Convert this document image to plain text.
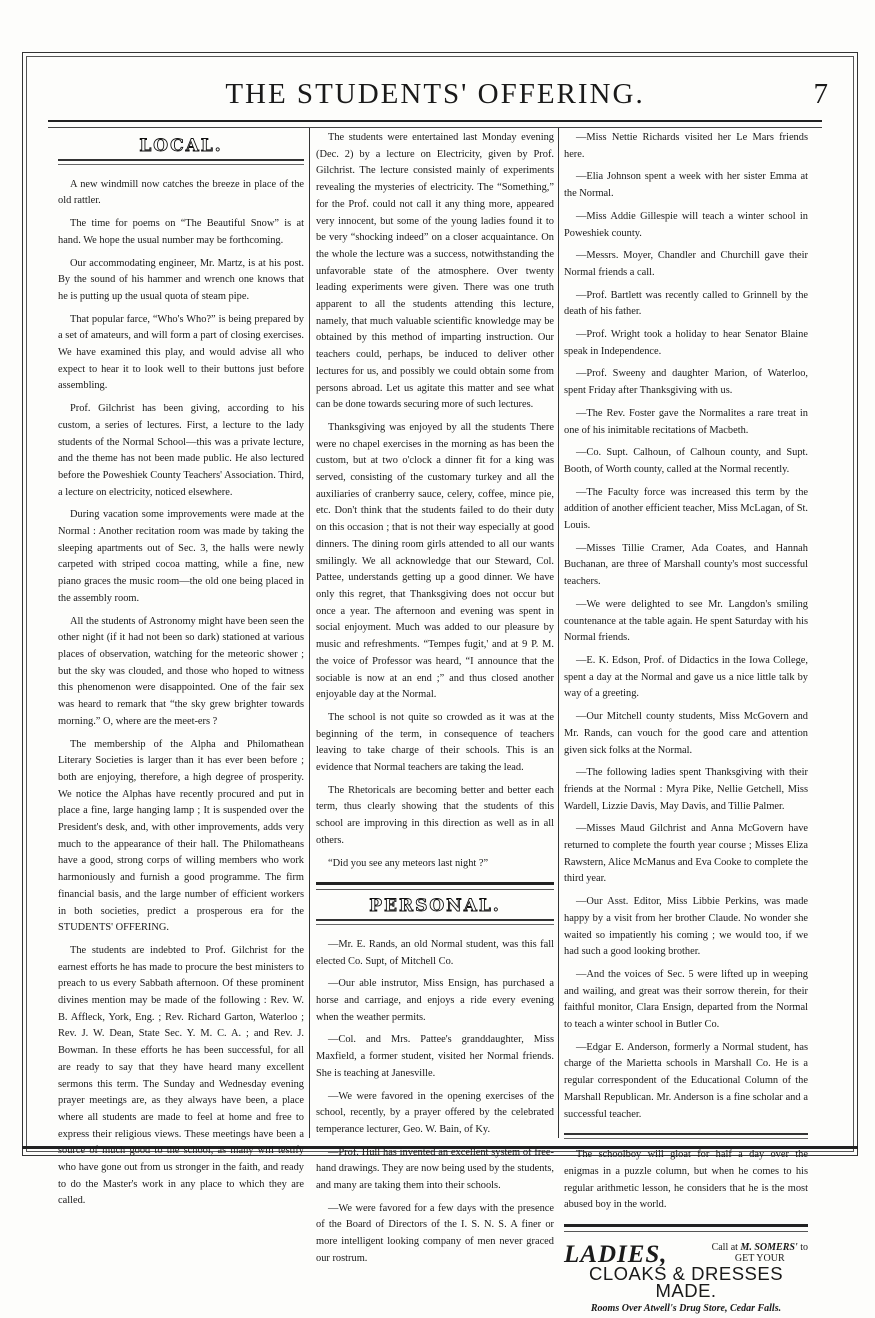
THE STUDENTS' OFFERING.	7
LOCAL.

A new windmill now catches the breeze in place of the old rattler.

The time for poems on “The Beautiful Snow” is at hand. We hope the usual number may be forthcoming.

Our accommodating engineer, Mr. Martz, is at his post. By the sound of his hammer and wrench one knows that he is putting up the usual quota of steam pipe.

That popular farce, “Who's Who?” is being prepared by a set of amateurs, and will form a part of closing exercises. We have examined this play, and would advise all who expect to hear it to look well to their buttons just before assembling.

Prof. Gilchrist has been giving, according to his custom, a series of lectures. First, a lecture to the lady students of the Normal School—this was a private lecture, and the theme has not been made public. He also lectured before the Poweshiek County Teachers' Association. Third, a lecture on electricity, noticed elsewhere.

During vacation some improvements were made at the Normal : Another recitation room was made by taking the sleeping apartments out of Sec. 3, the halls were newly carpeted with striped cocoa matting, while a fine, new piano graces the music room—the old one being placed in the assembly room.

All the students of Astronomy might have been seen the other night (if it had not been so dark) stationed at various places of observation, watching for the meteoric shower ; but the sky was clouded, and those who hoped to witness this phenomenon were disappointed. One of the fair sex was heard to remark that “the sky grew brighter towards morning.” O, where are the meet-ers ?

The membership of the Alpha and Philomathean Literary Societies is larger than it has ever been before ; both are enjoying, therefore, a high degree of prosperity. We notice the Alphas have recently procured and put in place a fine, large hanging lamp ; It is suspended over the President's desk, and, with other improvements, adds very much to the appearance of their hall. The Philomatheans have a good, strong corps of willing members who work harmoniously and furnish a good programme. The firm financial basis, and the large number of efficient workers in both societies, predict a prosperous era for the STUDENTS' OFFERING.

The students are indebted to Prof. Gilchrist for the earnest efforts he has made to procure the best ministers to preach to us every Sabbath afternoon. Of these prominent divines mention may be made of the following : Rev. W. B. Affleck, York, Eng. ; Rev. Richard Garton, Waterloo ; Rev. J. W. Dean, State Sec. Y. M. C. A. ; and Rev. J. Bowman. In these efforts he has been successful, for all are ready to say that they have heard many excellent sermons this term. The Sunday and Wednesday evening prayer meetings are, as they always have been, a place where all students are made to feel at home and free to express their religious views. These meetings have been a source of much good to the school, as many will testify who have gone out from us stronger in the faith, and ready to do the Master's work in any place to which they are called.

The students were entertained last Monday evening (Dec. 2) by a lecture on Electricity, given by Prof. Gilchrist. The lecture consisted mainly of experiments revealing the mysteries of electricity. The “Something,” for the Prof. could not call it any thing more, appeared very innocent, but some of the young ladies found it to be very “shocking indeed” on a closer acquaintance. On the whole the lecture was a success, notwithstanding the unfavorable state of the atmosphere. Over twenty leading experiments were given. There was one truth apparent to all the students attending this lecture, namely, that much valuable scientific knowledge may be obtained by this method of imparting instruction. Our teachers could, perhaps, be induced to deliver other lectures for us, and possibly we could obtain some from persons abroad. Let us agitate this matter and see what can be done towards securing more of such lectures.

Thanksgiving was enjoyed by all the students There were no chapel exercises in the morning as has been the custom, but at two o'clock a dinner fit for a king was served, consisting of the customary turkey and all the auxiliaries of cranberry sauce, celery, coffee, mince pie, etc. Don't think that the students failed to do their duty on this occasion ; that is not their way especially at good dinners. The dining room girls attended to all our wants smilingly. We all acknowledge that our Steward, Col. Pattee, understands getting up a good dinner. We have only this regret, that Thanksgiving does not occur but once a year. The afternoon and evening was spent in social enjoyment. Much was added to our pleasure by music and refreshments. “Tempes fugit,' and at 9 P. M. the voice of Professor was heard, “I announce that the sociable is now at an end ;” and thus closed another enjoyable day at the Normal.

The school is not quite so crowded as it was at the beginning of the term, in consequence of teachers leaving to take charge of their schools. This is an evidence that Normal teachers are taking the lead.

The Rhetoricals are becoming better and better each term, thus clearly showing that the students of this school are improving in this direction as well as in all others.

“Did you see any meteors last night ?”

PERSONAL.

—Mr. E. Rands, an old Normal student, was this fall elected Co. Supt, of Mitchell Co.

—Our able instrutor, Miss Ensign, has purchased a horse and carriage, and enjoys a ride every evening when the weather permits.

—Col. and Mrs. Pattee's granddaughter, Miss Maxfield, a former student, visited her Normal friends. She is teaching at Janesville.

—We were favored in the opening exercises of the school, recently, by a prayer offered by the celebrated temperance lecturer, Geo. W. Bain, of Ky.

—Prof. Hull has invented an excellent system of free-hand drawings. They are now being used by the students, and many are taking them into their schools.

—We were favored for a few days with the presence of the Board of Directors of the I. S. N. S. A finer or more intelligent looking company of men never graced our rostrum.

—Miss Nettie Richards visited her Le Mars friends here.

—Elia Johnson spent a week with her sister Emma at the Normal.

—Miss Addie Gillespie will teach a winter school in Poweshiek county.

—Messrs. Moyer, Chandler and Churchill gave their Normal friends a call.

—Prof. Bartlett was recently called to Grinnell by the death of his father.

—Prof. Wright took a holiday to hear Senator Blaine speak in Independence.

—Prof. Sweeny and daughter Marion, of Waterloo, spent Friday after Thanksgiving with us.

—The Rev. Foster gave the Normalites a rare treat in one of his inimitable recitations of Macbeth.

—Co. Supt. Calhoun, of Calhoun county, and Supt. Booth, of Worth county, called at the Normal recently.

—The Faculty force was increased this term by the addition of another efficient teacher, Miss McLagan, of St. Louis.

—Misses Tillie Cramer, Ada Coates, and Hannah Buchanan, are three of Marshall county's most successful teachers.

—We were delighted to see Mr. Langdon's smiling countenance at the table again. He spent Saturday with his Normal friends.

—E. K. Edson, Prof. of Didactics in the Iowa College, spent a day at the Normal and gave us a nice little talk by way of a greeting.

—Our Mitchell county students, Miss McGovern and Mr. Rands, can vouch for the good care and attention given sick folks at the Normal.

—The following ladies spent Thanksgiving with their friends at the Normal : Myra Pike, Nellie Getchell, Miss Wardell, Lizzie Davis, May Davis, and Tillie Palmer.

—Misses Maud Gilchrist and Anna McGovern have returned to complete the fourth year course ; Misses Eliza Rawstern, Alice McManus and Eva Cooke to complete the third year.

—Our Asst. Editor, Miss Libbie Perkins, was made happy by a visit from her brother Claude. No wonder she waited so impatiently his coming ; we would too, if we had such a good looking brother.

—And the voices of Sec. 5 were lifted up in weeping and wailing, and great was their sorrow therein, for their faithful monitor, Clara Ensign, departed from the Normal to teach a winter school in Butler Co.

—Edgar E. Anderson, formerly a Normal student, has charge of the Marietta schools in Marshall Co. He is a regular correspondent of the Educational Column of the Marshall Republican. Mr. Anderson is a fine scholar and a successful teacher.

The schoolboy will gloat for half a day over the enigmas in a puzzle column, but when he comes to his regular arithmetic lesson, he considers that he is the most abused boy in the world.

LADIES,	Call at M. SOMERS' to
GET YOUR
CLOAKS & DRESSES MADE.
Rooms Over Atwell's Drug Store, Cedar Falls.
